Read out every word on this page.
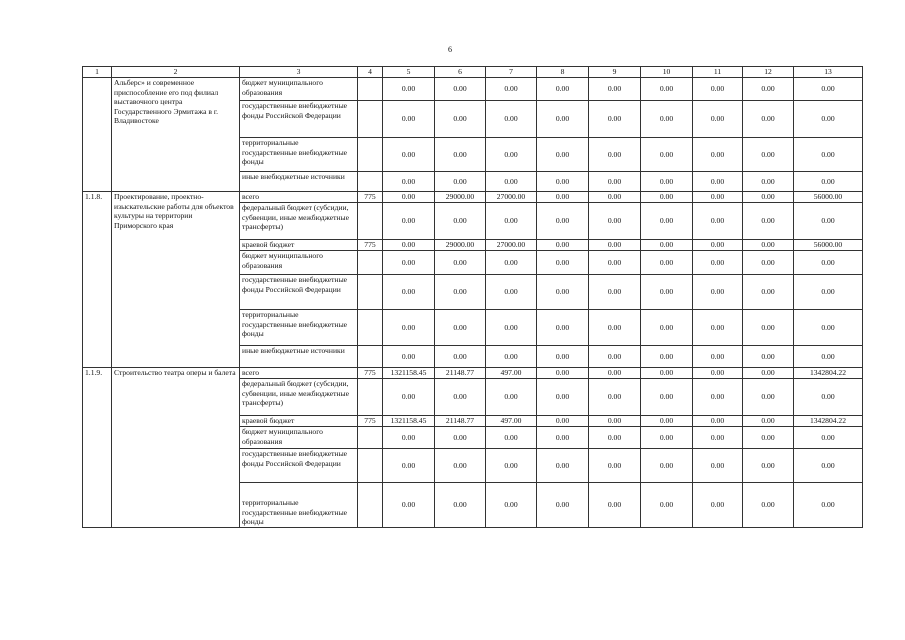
6
1	2	3	4	5	6	7	8	9	10	11	12	13
	Альберс» и современное приспособление его под филиал выставочного центра Государственного Эрмитажа в г. Владивостоке	бюджет муниципального образования		0.00	0.00	0.00	0.00	0.00	0.00	0.00	0.00	0.00
		государственные внебюджетные фонды Российской Федерации		0.00	0.00	0.00	0.00	0.00	0.00	0.00	0.00	0.00
		территориальные государственные внебюджетные фонды		0.00	0.00	0.00	0.00	0.00	0.00	0.00	0.00	0.00
		иные внебюджетные источники		0.00	0.00	0.00	0.00	0.00	0.00	0.00	0.00	0.00
1.1.8.	Проектирование, проектно-изыскательские работы для объектов культуры на территории Приморского края	всего	775	0.00	29000.00	27000.00	0.00	0.00	0.00	0.00	0.00	56000.00
		федеральный бюджет (субсидии, субвенции, иные межбюджетные трансферты)		0.00	0.00	0.00	0.00	0.00	0.00	0.00	0.00	0.00
		краевой бюджет	775	0.00	29000.00	27000.00	0.00	0.00	0.00	0.00	0.00	56000.00
		бюджет муниципального образования		0.00	0.00	0.00	0.00	0.00	0.00	0.00	0.00	0.00
		государственные внебюджетные фонды Российской Федерации		0.00	0.00	0.00	0.00	0.00	0.00	0.00	0.00	0.00
		территориальные государственные внебюджетные фонды		0.00	0.00	0.00	0.00	0.00	0.00	0.00	0.00	0.00
		иные внебюджетные источники		0.00	0.00	0.00	0.00	0.00	0.00	0.00	0.00	0.00
1.1.9.	Строительство театра оперы и балета	всего	775	1321158.45	21148.77	497.00	0.00	0.00	0.00	0.00	0.00	1342804.22
		федеральный бюджет (субсидии, субвенции, иные межбюджетные трансферты)		0.00	0.00	0.00	0.00	0.00	0.00	0.00	0.00	0.00
		краевой бюджет	775	1321158.45	21148.77	497.00	0.00	0.00	0.00	0.00	0.00	1342804.22
		бюджет муниципального образования		0.00	0.00	0.00	0.00	0.00	0.00	0.00	0.00	0.00
		государственные внебюджетные фонды Российской Федерации		0.00	0.00	0.00	0.00	0.00	0.00	0.00	0.00	0.00
		территориальные государственные внебюджетные фонды		0.00	0.00	0.00	0.00	0.00	0.00	0.00	0.00	0.00
